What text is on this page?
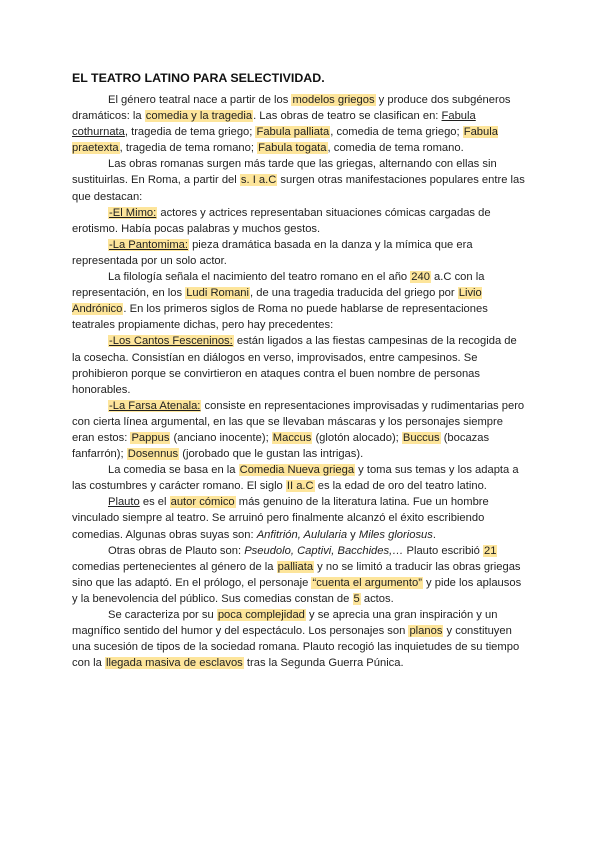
EL TEATRO LATINO PARA SELECTIVIDAD.

El género teatral nace a partir de los modelos griegos y produce dos subgéneros dramáticos: la comedia y la tragedia. Las obras de teatro se clasifican en: Fabula cothurnata, tragedia de tema griego; Fabula palliata, comedia de tema griego; Fabula praetexta, tragedia de tema romano; Fabula togata, comedia de tema romano.

Las obras romanas surgen más tarde que las griegas, alternando con ellas sin sustituirlas. En Roma, a partir del s. I a.C surgen otras manifestaciones populares entre las que destacan:

-El Mimo: actores y actrices representaban situaciones cómicas cargadas de erotismo. Había pocas palabras y muchos gestos.

-La Pantomima: pieza dramática basada en la danza y la mímica que era representada por un solo actor.

La filología señala el nacimiento del teatro romano en el año 240 a.C con la representación, en los Ludi Romani, de una tragedia traducida del griego por Livio Andrónico. En los primeros siglos de Roma no puede hablarse de representaciones teatrales propiamente dichas, pero hay precedentes:

-Los Cantos Fesceninos: están ligados a las fiestas campesinas de la recogida de la cosecha. Consistían en diálogos en verso, improvisados, entre campesinos. Se prohibieron porque se convirtieron en ataques contra el buen nombre de personas honorables.

-La Farsa Atenala: consiste en representaciones improvisadas y rudimentarias pero con cierta línea argumental, en las que se llevaban máscaras y los personajes siempre eran estos: Pappus (anciano inocente); Maccus (glotón alocado); Buccus (bocazas fanfarrón); Dosennus (jorobado que le gustan las intrigas).

La comedia se basa en la Comedia Nueva griega y toma sus temas y los adapta a las costumbres y carácter romano. El siglo II a.C es la edad de oro del teatro latino.

Plauto es el autor cómico más genuino de la literatura latina. Fue un hombre vinculado siempre al teatro. Se arruinó pero finalmente alcanzó el éxito escribiendo comedias. Algunas obras suyas son: Anfitrión, Aulularia y Miles gloriosus.

Otras obras de Plauto son: Pseudolo, Captivi, Bacchides,… Plauto escribió 21 comedias pertenecientes al género de la palliata y no se limitó a traducir las obras griegas sino que las adaptó. En el prólogo, el personaje “cuenta el argumento” y pide los aplausos y la benevolencia del público. Sus comedias constan de 5 actos.

Se caracteriza por su poca complejidad y se aprecia una gran inspiración y un magnífico sentido del humor y del espectáculo. Los personajes son planos y constituyen una sucesión de tipos de la sociedad romana. Plauto recogió las inquietudes de su tiempo con la llegada masiva de esclavos tras la Segunda Guerra Púnica.
